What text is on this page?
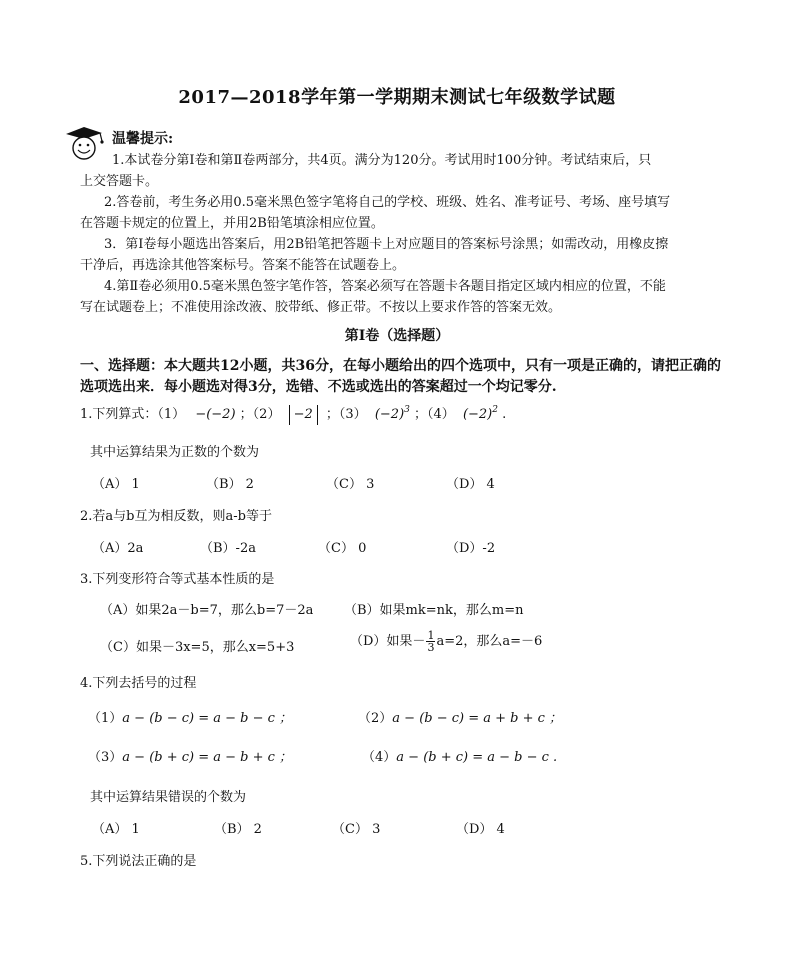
2017—2018学年第一学期期末测试七年级数学试题
温馨提示:
1.本试卷分第Ⅰ卷和第Ⅱ卷两部分，共4页。满分为120分。考试用时100分钟。考试结束后，只
上交答题卡。
2.答卷前，考生务必用0.5毫米黑色签字笔将自己的学校、班级、姓名、准考证号、考场、座号填写
在答题卡规定的位置上，并用2B铅笔填涂相应位置。
3．第Ⅰ卷每小题选出答案后，用2B铅笔把答题卡上对应题目的答案标号涂黑；如需改动，用橡皮擦
干净后，再选涂其他答案标号。答案不能答在试题卷上。
4.第Ⅱ卷必须用0.5毫米黑色签字笔作答，答案必须写在答题卡各题目指定区域内相应的位置，不能
写在试题卷上；不准使用涂改液、胶带纸、修正带。不按以上要求作答的答案无效。
第Ⅰ卷（选择题）
一、选择题：本大题共12小题，共36分，在每小题给出的四个选项中，只有一项是正确的，请把正确的
选项选出来．每小题选对得3分，选错、不选或选出的答案超过一个均记零分.
1.下列算式：（1） −(−2) ；（2） −2 ；（3） $(-2)^3$ ；（4） $(-2)^2$ .
其中运算结果为正数的个数为
（A） 1	（B） 2	（C） 3	（D） 4
2.若a与b互为相反数，则a-b等于
（A）2a	（B）-2a	（C） 0	（D）-2
3.下列变形符合等式基本性质的是
（A）如果2a－b=7，那么b=7－2a （B）如果mk=nk，那么m=n
（C）如果－3x=5，那么x=5+3	（D）如果－ $\frac{1}{3} a=2$，那么a=－6
4.下列去括号的过程
（1）a − (b − c) = a − b − c ；	（2）a − (b − c) = a + b + c ；
（3）a − (b + c) = a − b + c ；	（4）a − (b + c) = a − b − c .
其中运算结果错误的个数为
（A） 1	（B） 2	（C） 3	（D） 4
5.下列说法正确的是
